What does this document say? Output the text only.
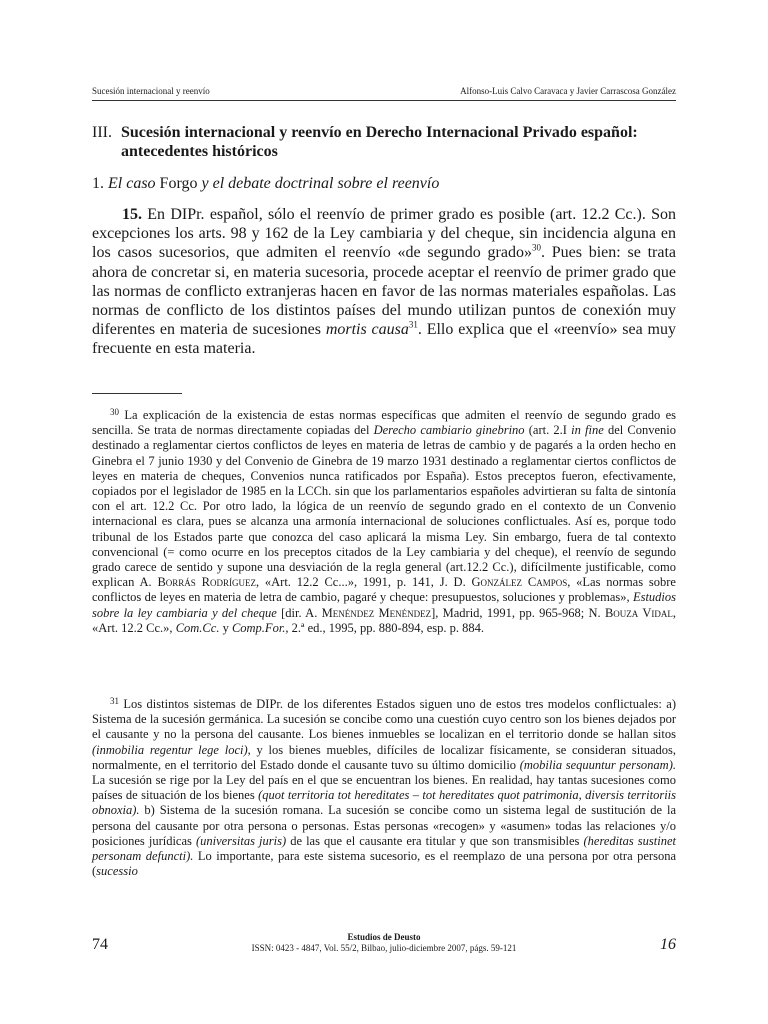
Sucesión internacional y reenvío	Alfonso-Luis Calvo Caravaca y Javier Carrascosa González
III. Sucesión internacional y reenvío en Derecho Internacional Privado español: antecedentes históricos
1. El caso Forgo y el debate doctrinal sobre el reenvío
15. En DIPr. español, sólo el reenvío de primer grado es posible (art. 12.2 Cc.). Son excepciones los arts. 98 y 162 de la Ley cambiaria y del cheque, sin incidencia alguna en los casos sucesorios, que admiten el reenvío «de segundo grado»$^{30}$. Pues bien: se trata ahora de concretar si, en materia sucesoria, procede aceptar el reenvío de primer grado que las normas de conflicto extranjeras hacen en favor de las normas materiales españolas. Las normas de conflicto de los distintos países del mundo utilizan puntos de conexión muy diferentes en materia de sucesiones mortis causa$^{31}$. Ello explica que el «reenvío» sea muy frecuente en esta materia.
$^{30}$ La explicación de la existencia de estas normas específicas que admiten el reenvío de segundo grado es sencilla. Se trata de normas directamente copiadas del Derecho cambiario ginebrino (art. 2.I in fine del Convenio destinado a reglamentar ciertos conflictos de leyes en materia de letras de cambio y de pagarés a la orden hecho en Ginebra el 7 junio 1930 y del Convenio de Ginebra de 19 marzo 1931 destinado a reglamentar ciertos conflictos de leyes en materia de cheques, Convenios nunca ratificados por España). Estos preceptos fueron, efectivamente, copiados por el legislador de 1985 en la LCCh. sin que los parlamentarios españoles advirtieran su falta de sintonía con el art. 12.2 Cc. Por otro lado, la lógica de un reenvío de segundo grado en el contexto de un Convenio internacional es clara, pues se alcanza una armonía internacional de soluciones conflictuales. Así es, porque todo tribunal de los Estados parte que conozca del caso aplicará la misma Ley. Sin embargo, fuera de tal contexto convencional (= como ocurre en los preceptos citados de la Ley cambiaria y del cheque), el reenvío de segundo grado carece de sentido y supone una desviación de la regla general (art.12.2 Cc.), difícilmente justificable, como explican A. Borrás Rodríguez, «Art. 12.2 Cc...», 1991, p. 141, J. D. González Campos, «Las normas sobre conflictos de leyes en materia de letra de cambio, pagaré y cheque: presupuestos, soluciones y problemas», Estudios sobre la ley cambiaria y del cheque [dir. A. Menéndez Menéndez], Madrid, 1991, pp. 965-968; N. Bouza Vidal, «Art. 12.2 Cc.», Com.Cc. y Comp.For., 2.ª ed., 1995, pp. 880-894, esp. p. 884.
$^{31}$ Los distintos sistemas de DIPr. de los diferentes Estados siguen uno de estos tres modelos conflictuales: a) Sistema de la sucesión germánica. La sucesión se concibe como una cuestión cuyo centro son los bienes dejados por el causante y no la persona del causante. Los bienes inmuebles se localizan en el territorio donde se hallan sitos (inmobilia regentur lege loci), y los bienes muebles, difíciles de localizar físicamente, se consideran situados, normalmente, en el territorio del Estado donde el causante tuvo su último domicilio (mobilia sequuntur personam). La sucesión se rige por la Ley del país en el que se encuentran los bienes. En realidad, hay tantas sucesiones como países de situación de los bienes (quot territoria tot hereditates – tot hereditates quot patrimonia, diversis territoriis obnoxia). b) Sistema de la sucesión romana. La sucesión se concibe como un sistema legal de sustitución de la persona del causante por otra persona o personas. Estas personas «recogen» y «asumen» todas las relaciones y/o posiciones jurídicas (universitas juris) de las que el causante era titular y que son transmisibles (hereditas sustinet personam defuncti). Lo importante, para este sistema sucesorio, es el reemplazo de una persona por otra persona (sucessio
74	Estudios de Deusto
ISSN: 0423 - 4847, Vol. 55/2, Bilbao, julio-diciembre 2007, págs. 59-121	16
